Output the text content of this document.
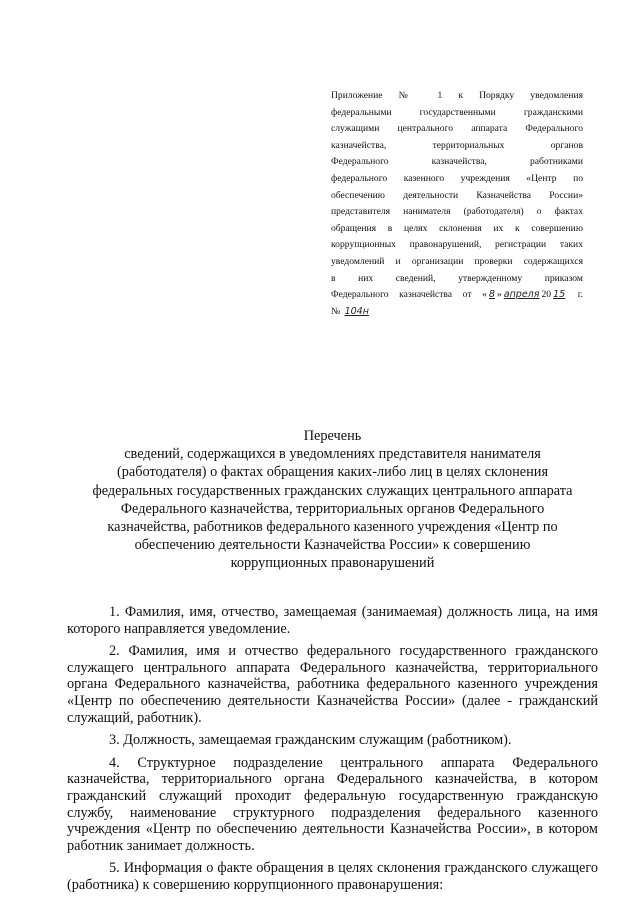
Приложение № 1 к Порядку уведомления
федеральными государственными гражданскими
служащими центрального аппарата Федерального
казначейства, территориальных органов
Федерального казначейства, работниками
федерального казенного учреждения «Центр по
обеспечению деятельности Казначейства России»
представителя нанимателя (работодателя) о фактах
обращения в целях склонения их к совершению
коррупционных правонарушений, регистрации таких
уведомлений и организации проверки содержащихся
в них сведений, утвержденному приказом
Федерального казначейства от « 8 » апреля 20 15 г.
№ 104н
Перечень
сведений, содержащихся в уведомлениях представителя нанимателя
(работодателя) о фактах обращения каких-либо лиц в целях склонения
федеральных государственных гражданских служащих центрального аппарата
Федерального казначейства, территориальных органов Федерального
казначейства, работников федерального казенного учреждения «Центр по
обеспечению деятельности Казначейства России» к совершению
коррупционных правонарушений

1. Фамилия, имя, отчество, замещаемая (занимаемая) должность лица, на имя которого направляется уведомление.

2. Фамилия, имя и отчество федерального государственного гражданского служащего центрального аппарата Федерального казначейства, территориального органа Федерального казначейства, работника федерального казенного учреждения «Центр по обеспечению деятельности Казначейства России» (далее - гражданский служащий, работник).

3. Должность, замещаемая гражданским служащим (работником).

4. Структурное подразделение центрального аппарата Федерального казначейства, территориального органа Федерального казначейства, в котором гражданский служащий проходит федеральную государственную гражданскую службу, наименование структурного подразделения федерального казенного учреждения «Центр по обеспечению деятельности Казначейства России», в котором работник занимает должность.

5. Информация о факте обращения в целях склонения гражданского служащего (работника) к совершению коррупционного правонарушения:
